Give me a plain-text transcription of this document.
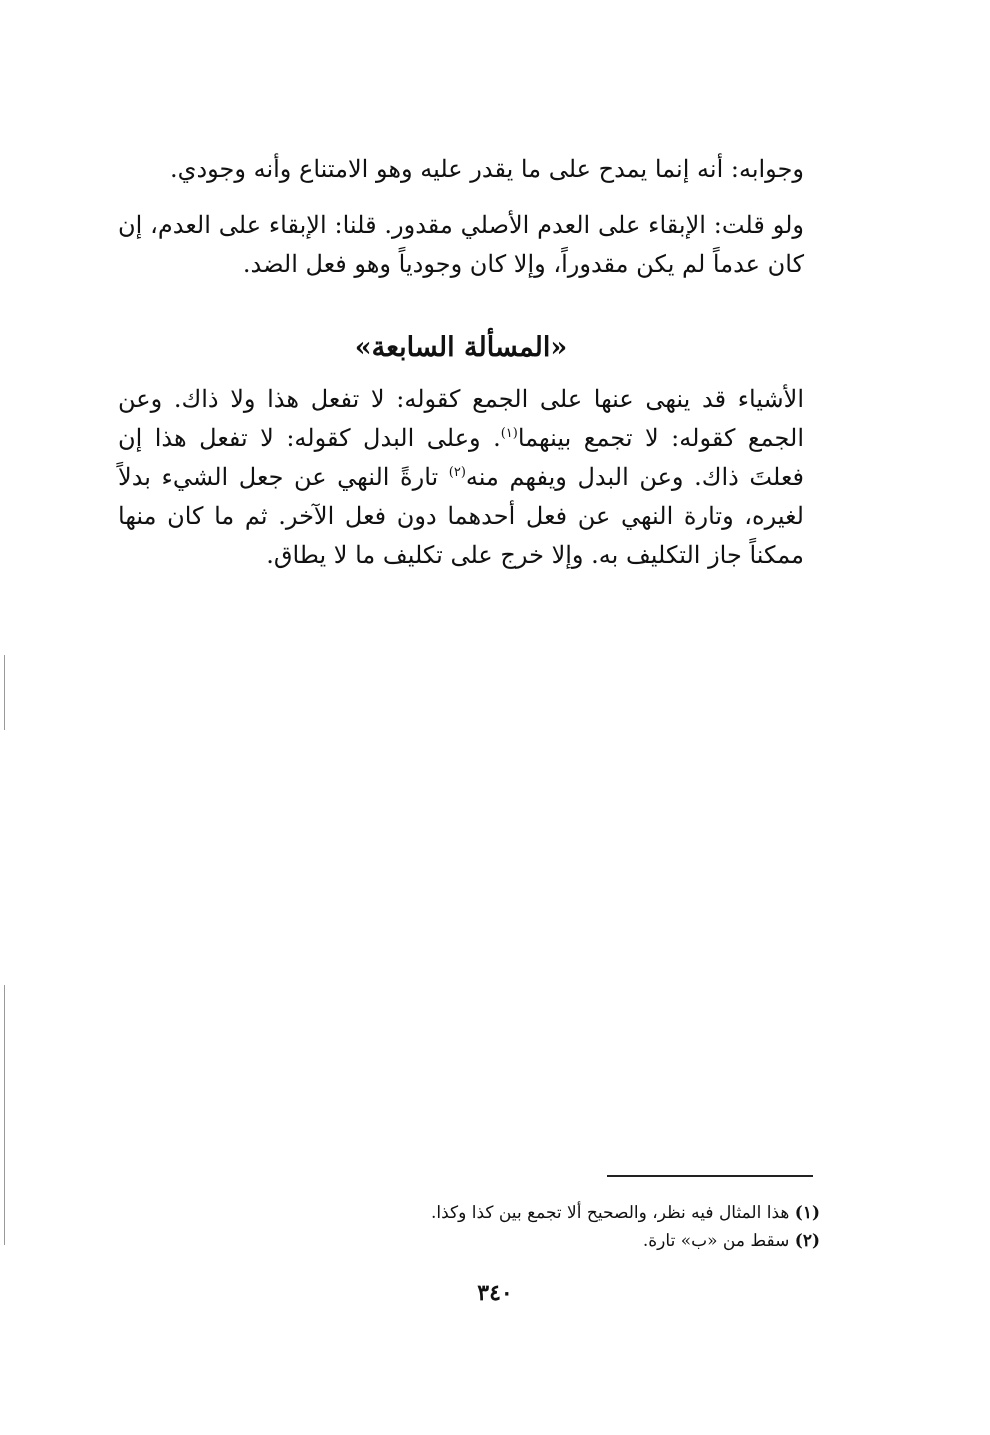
وجوابه: أنه إنما يمدح على ما يقدر عليه وهو الامتناع وأنه وجودي.

ولو قلت: الإبقاء على العدم الأصلي مقدور. قلنا: الإبقاء على العدم، إن كان عدماً لم يكن مقدوراً، وإلا كان وجودياً وهو فعل الضد.

«المسألة السابعة»

الأشياء قد ينهى عنها على الجمع كقوله: لا تفعل هذا ولا ذاك. وعن الجمع كقوله: لا تجمع بينهما$^{(١)}$. وعلى البدل كقوله: لا تفعل هذا إن فعلتَ ذاك. وعن البدل ويفهم منه$^{(٢)}$ تارةً النهي عن جعل الشيء بدلاً لغيره، وتارة النهي عن فعل أحدهما دون فعل الآخر. ثم ما كان منها ممكناً جاز التكليف به. وإلا خرج على تكليف ما لا يطاق.

(١) هذا المثال فيه نظر، والصحيح ألا تجمع بين كذا وكذا.

(٢) سقط من «ب» تارة.

٣٤٠
